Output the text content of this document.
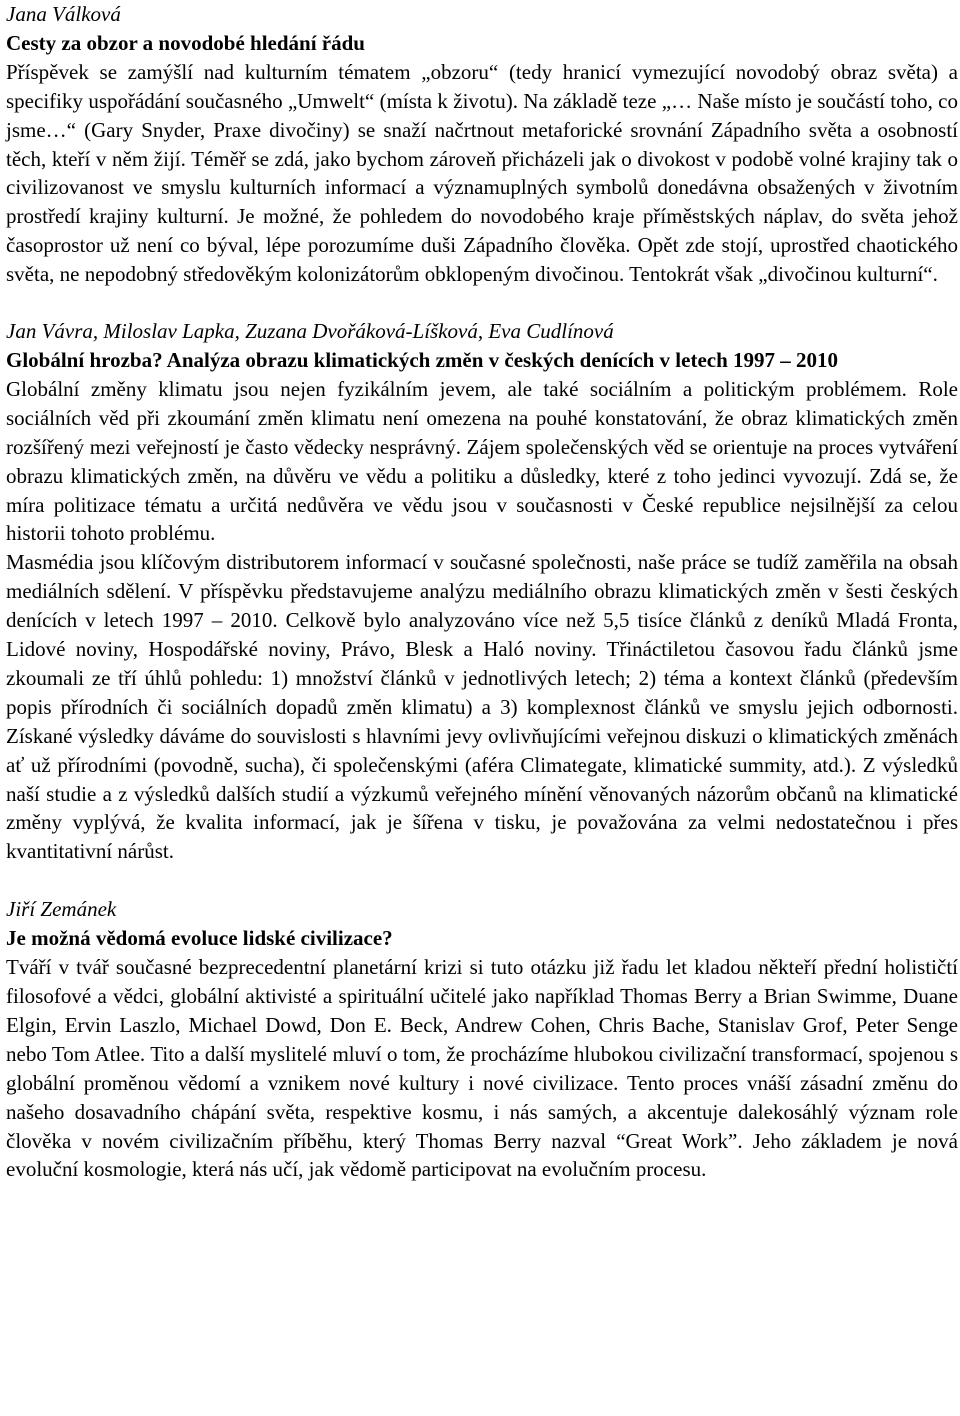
Jana Válková

Cesty za obzor a novodobé hledání řádu

Příspěvek se zamýšlí nad kulturním tématem „obzoru“ (tedy hranicí vymezující novodobý obraz světa) a specifiky uspořádání současného „Umwelt“ (místa k životu). Na základě teze „… Naše místo je součástí toho, co jsme…“ (Gary Snyder, Praxe divočiny) se snaží načrtnout metaforické srovnání Západního světa a osobností těch, kteří v něm žijí. Téměř se zdá, jako bychom zároveň přicházeli jak o divokost v podobě volné krajiny tak o civilizovanost ve smyslu kulturních informací a významuplných symbolů donedávna obsažených v životním prostředí krajiny kulturní. Je možné, že pohledem do novodobého kraje příměstských náplav, do světa jehož časoprostor už není co býval, lépe porozumíme duši Západního člověka. Opět zde stojí, uprostřed chaotického světa, ne nepodobný středověkým kolonizátorům obklopeným divočinou. Tentokrát však „divočinou kulturní“.

Jan Vávra, Miloslav Lapka, Zuzana Dvořáková-Líšková, Eva Cudlínová

Globální hrozba? Analýza obrazu klimatických změn v českých denících v letech 1997 – 2010

Globální změny klimatu jsou nejen fyzikálním jevem, ale také sociálním a politickým problémem. Role sociálních věd při zkoumání změn klimatu není omezena na pouhé konstatování, že obraz klimatických změn rozšířený mezi veřejností je často vědecky nesprávný. Zájem společenských věd se orientuje na proces vytváření obrazu klimatických změn, na důvěru ve vědu a politiku a důsledky, které z toho jedinci vyvozují. Zdá se, že míra politizace tématu a určitá nedůvěra ve vědu jsou v současnosti v České republice nejsilnější za celou historii tohoto problému.

Masmédia jsou klíčovým distributorem informací v současné společnosti, naše práce se tudíž zaměřila na obsah mediálních sdělení. V příspěvku představujeme analýzu mediálního obrazu klimatických změn v šesti českých denících v letech 1997 – 2010. Celkově bylo analyzováno více než 5,5 tisíce článků z deníků Mladá Fronta, Lidové noviny, Hospodářské noviny, Právo, Blesk a Haló noviny. Třináctiletou časovou řadu článků jsme zkoumali ze tří úhlů pohledu: 1) množství článků v jednotlivých letech; 2) téma a kontext článků (především popis přírodních či sociálních dopadů změn klimatu) a 3) komplexnost článků ve smyslu jejich odbornosti. Získané výsledky dáváme do souvislosti s hlavními jevy ovlivňujícími veřejnou diskuzi o klimatických změnách ať už přírodními (povodně, sucha), či společenskými (aféra Climategate, klimatické summity, atd.). Z výsledků naší studie a z výsledků dalších studií a výzkumů veřejného mínění věnovaných názorům občanů na klimatické změny vyplývá, že kvalita informací, jak je šířena v tisku, je považována za velmi nedostatečnou i přes kvantitativní nárůst.

Jiří Zemánek

Je možná vědomá evoluce lidské civilizace?

Tváří v tvář současné bezprecedentní planetární krizi si tuto otázku již řadu let kladou někteří přední holističtí filosofové a vědci, globální aktivisté a spirituální učitelé jako například Thomas Berry a Brian Swimme, Duane Elgin, Ervin Laszlo, Michael Dowd, Don E. Beck, Andrew Cohen, Chris Bache, Stanislav Grof, Peter Senge nebo Tom Atlee. Tito a další myslitelé mluví o tom, že procházíme hlubokou civilizační transformací, spojenou s globální proměnou vědomí a vznikem nové kultury i nové civilizace. Tento proces vnáší zásadní změnu do našeho dosavadního chápání světa, respektive kosmu, i nás samých, a akcentuje dalekosáhlý význam role člověka v novém civilizačním příběhu, který Thomas Berry nazval “Great Work”. Jeho základem je nová evoluční kosmologie, která nás učí, jak vědomě participovat na evolučním procesu.
